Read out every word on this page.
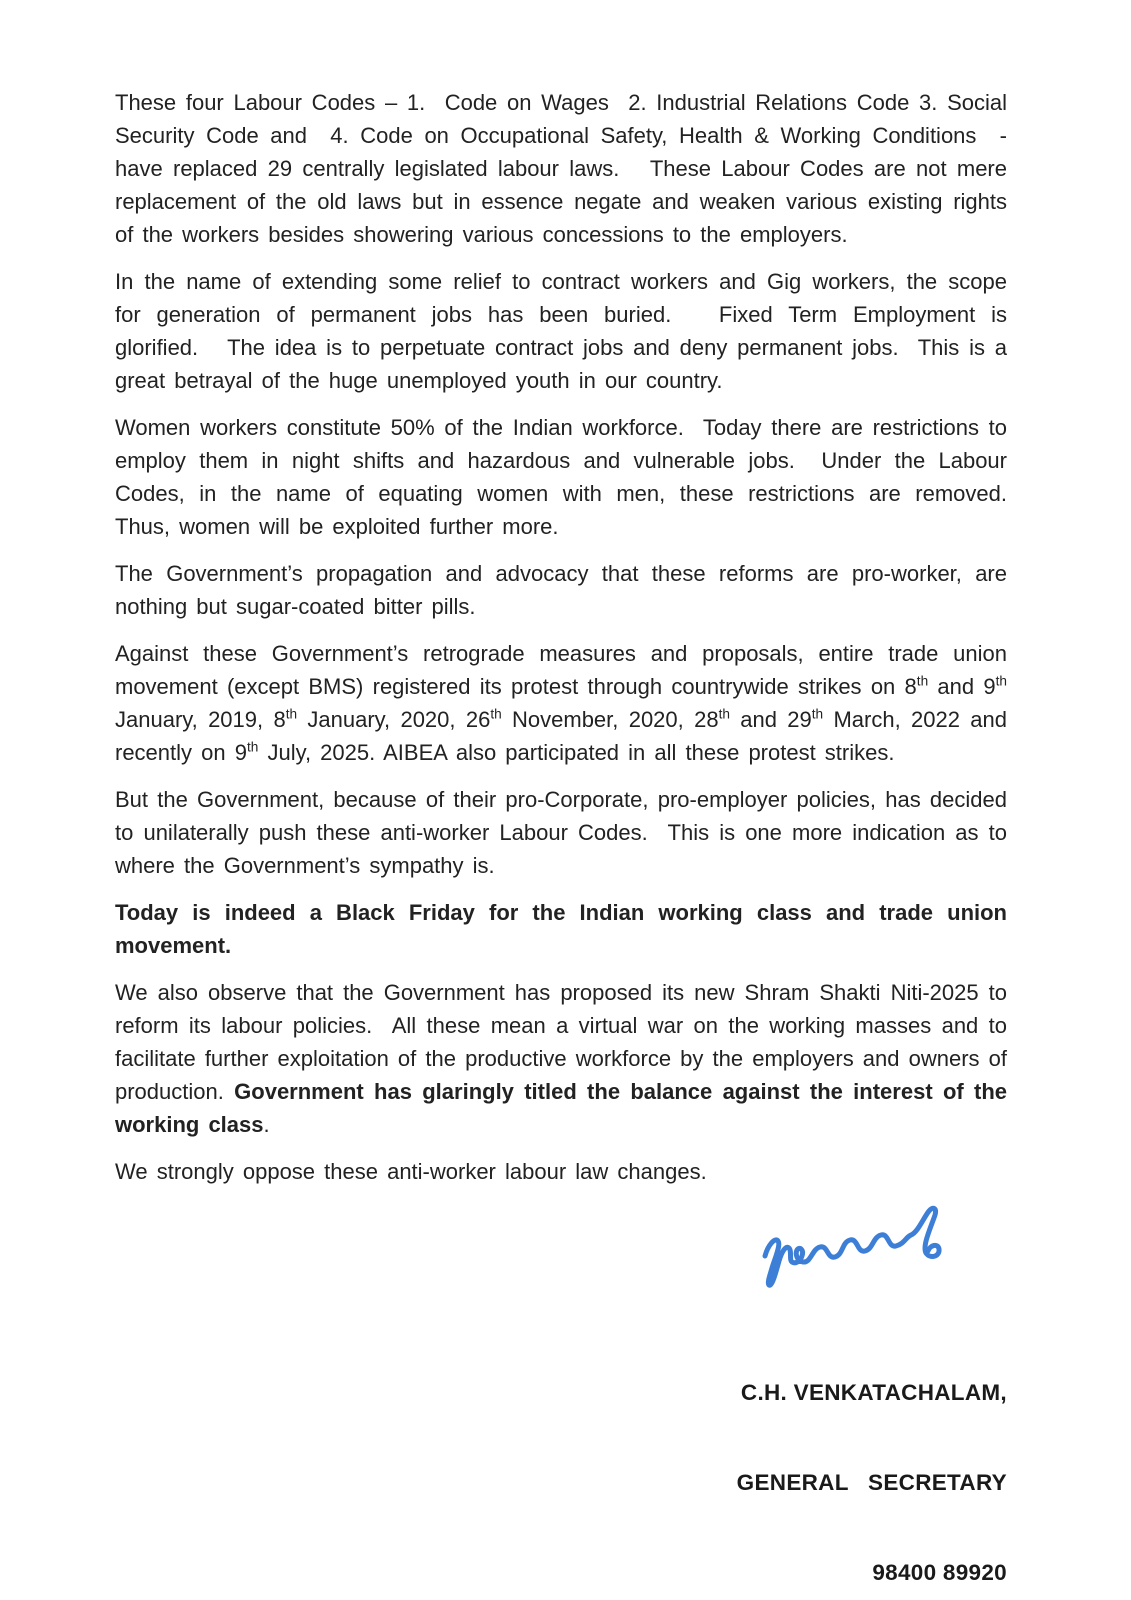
These four Labour Codes – 1.  Code on Wages  2. Industrial Relations Code 3. Social Security Code and  4. Code on Occupational Safety, Health & Working Conditions  - have replaced 29 centrally legislated labour laws.   These Labour Codes are not mere replacement of the old laws but in essence negate and weaken various existing rights of the workers besides showering various concessions to the employers.

In the name of extending some relief to contract workers and Gig workers, the scope for generation of permanent jobs has been buried.   Fixed Term Employment is glorified.   The idea is to perpetuate contract jobs and deny permanent jobs.  This is a great betrayal of the huge unemployed youth in our country.

Women workers constitute 50% of the Indian workforce.  Today there are restrictions to employ them in night shifts and hazardous and vulnerable jobs.  Under the Labour Codes, in the name of equating women with men, these restrictions are removed.  Thus, women will be exploited further more.

The Government’s propagation and advocacy that these reforms are pro-worker, are nothing but sugar-coated bitter pills.

Against these Government’s retrograde measures and proposals, entire trade union movement (except BMS) registered its protest through countrywide strikes on 8th and 9th January, 2019, 8th January, 2020, 26th November, 2020, 28th and 29th March, 2022 and recently on 9th July, 2025. AIBEA also participated in all these protest strikes.

But the Government, because of their pro-Corporate, pro-employer policies, has decided to unilaterally push these anti-worker Labour Codes.  This is one more indication as to where the Government’s sympathy is.

Today is indeed a Black Friday for the Indian working class and trade union movement.

We also observe that the Government has proposed its new Shram Shakti Niti-2025 to reform its labour policies.  All these mean a virtual war on the working masses and to facilitate further exploitation of the productive workforce by the employers and owners of production. Government has glaringly titled the balance against the interest of the working class.

We strongly oppose these anti-worker labour law changes.

C.H. VENKATACHALAM,

GENERAL   SECRETARY

98400 89920
